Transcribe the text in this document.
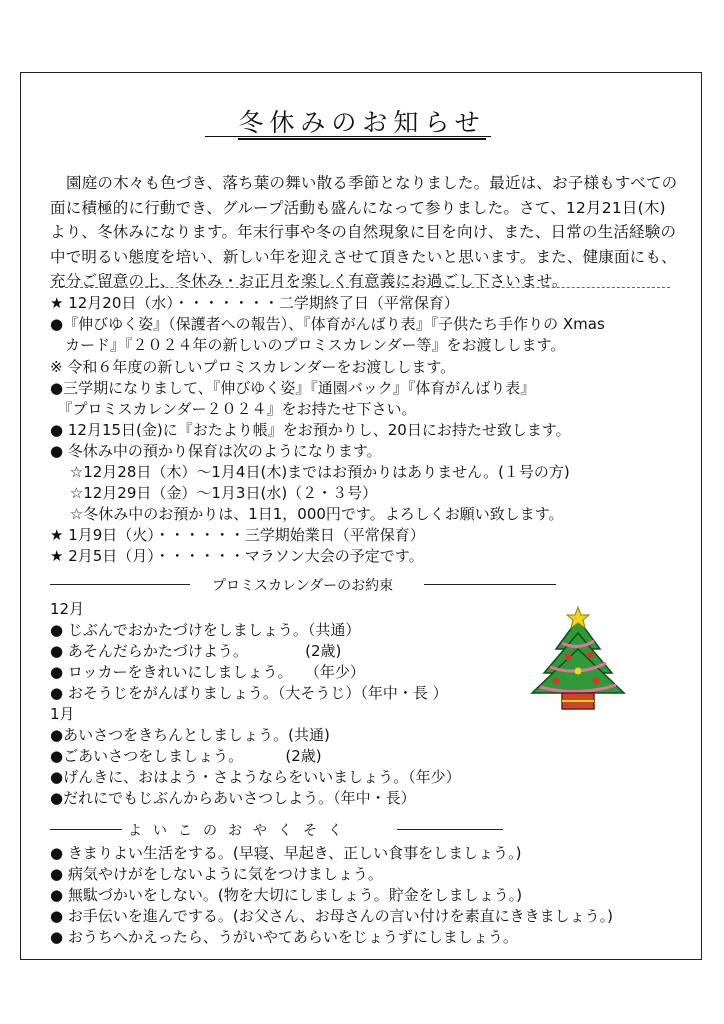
冬休みのお知らせ
園庭の木々も色づき、落ち葉の舞い散る季節となりました。最近は、お子様もすべての面に積極的に行動でき、グループ活動も盛んになって参りました。さて、12月21日(木)より、冬休みになります。年末行事や冬の自然現象に目を向け、また、日常の生活経験の中で明るい態度を培い、新しい年を迎えさせて頂きたいと思います。また、健康面にも、充分ご留意の上、冬休み・お正月を楽しく有意義にお過ごし下さいませ。
★ 12月20日（水）・・・・・・・二学期終了日（平常保育）
●『伸びゆく姿』（保護者への報告）、『体育がんばり表』『子供たち手作りの Xmas
　カード』『２０２４年の新しいのプロミスカレンダー等』をお渡しします。
※ 令和６年度の新しいプロミスカレンダーをお渡しします。
●三学期になりまして、『伸びゆく姿』『通園バック』『体育がんばり表』
　『プロミスカレンダー２０２４』をお持たせ下さい。
● 12月15日(金)に『おたより帳』をお預かりし、20日にお持たせ致します。
● 冬休み中の預かり保育は次のようになります。
　 ☆12月28日（木）～1月4日(木)まではお預かりはありません。(１号の方)
　 ☆12月29日（金）～1月3日(水)（２・３号）
　 ☆冬休み中のお預かりは、1日1，000円です。よろしくお願い致します。
★ 1月9日（火）・・・・・・三学期始業日（平常保育）
★ 2月5日（月）・・・・・・マラソン大会の予定です。
プロミスカレンダーのお約束
12月
● じぶんでおかたづけをしましょう。（共通）
● あそんだらかたづけよう。　　　　 (2歳)
● ロッカーをきれいにしましょう。　 （年少）
● おそうじをがんばりましょう。（大そうじ）（年中・長 ）
1月
●あいさつをきちんとしましょう。(共通)
●ごあいさつをしましょう。　　　 (2歳)
●げんきに、おはよう・さようならをいいましょう。（年少）
●だれにでもじぶんからあいさつしよう。（年中・長）
よいこのおやくそく
● きまりよい生活をする。(早寝、早起き、正しい食事をしましょう。)
● 病気やけがをしないように気をつけましょう。
● 無駄づかいをしない。(物を大切にしましょう。貯金をしましょう。)
● お手伝いを進んでする。(お父さん、お母さんの言い付けを素直にききましょう。)
● おうちへかえったら、うがいやてあらいをじょうずにしましょう。
